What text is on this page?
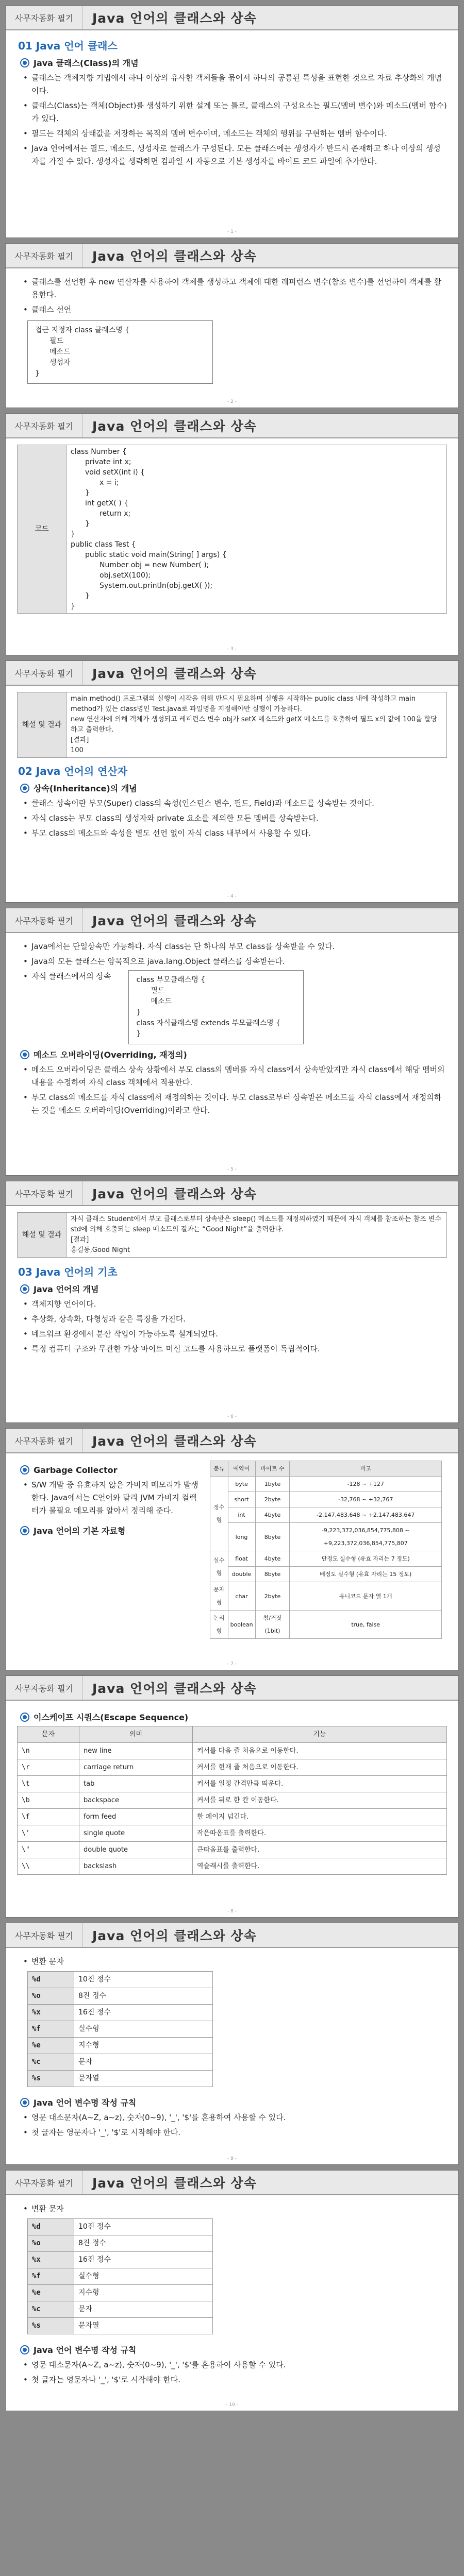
사무자동화 필기	Java 언어의 클래스와 상속
01 Java 언어 클래스
Java 클래스(Class)의 개념
• 클래스는 객체지향 기법에서 하나 이상의 유사한 객체들을 묶어서 하나의 공통된 특성을 표현한 것으로 자료 추상화의 개념이다.
• 클래스(Class)는 객체(Object)를 생성하기 위한 설계 또는 틀로, 클래스의 구성요소는 필드(멤버 변수)와 메소드(멤버 함수)가 있다.
• 필드는 객체의 상태값을 저장하는 목적의 멤버 변수이며, 메소드는 객체의 행위를 구현하는 멤버 함수이다.
• Java 언어에서는 필드, 메소드, 생성자로 클래스가 구성된다. 모든 클래스에는 생성자가 반드시 존재하고 하나 이상의 생성자를 가질 수 있다. 생성자를 생략하면 컴파일 시 자동으로 기본 생성자를 바이트 코드 파일에 추가한다.
- 1 -
사무자동화 필기	Java 언어의 클래스와 상속
• 클래스를 선언한 후 new 연산자를 사용하여 객체를 생성하고 객체에 대한 레퍼런스 변수(참조 변수)를 선언하여 객체를 활용한다.
• 클래스 선언
접근 지정자 class 클래스명 {
필드
메소드
생성자
}
- 2 -
사무자동화 필기	Java 언어의 클래스와 상속
코드	
class Number {
private int x;
void setX(int i) {
x = i;
}
int getX( ) {
return x;
}
}
public class Test {
public static void main(String[ ] args) {
Number obj = new Number( );
obj.setX(100);
System.out.println(obj.getX( ));
}
}
- 3 -
사무자동화 필기	Java 언어의 클래스와 상속
해설 및 결과	
main method() 프로그램의 실행이 시작을 위해 반드시 필요하며 실행을 시작하는 public class 내에 작성하고 main method가 있는 class명인 Test.java로 파일명을 지정해야만 실행이 가능하다.
new 연산자에 의해 객체가 생성되고 레퍼런스 변수 obj가 setX 메소드와 getX 메소드를 호출하여 필드 x의 값에 100을 할당하고 출력한다.
[결과]
100
02 Java 언어의 연산자
상속(Inheritance)의 개념
• 클래스 상속이란 부모(Super) class의 속성(인스턴스 변수, 필드, Field)과 메소드를 상속받는 것이다.
• 자식 class는 부모 class의 생성자와 private 요소를 제외한 모든 멤버를 상속받는다.
• 부모 class의 메소드와 속성을 별도 선언 없이 자식 class 내부에서 사용할 수 있다.
- 4 -
사무자동화 필기	Java 언어의 클래스와 상속
• Java에서는 단일상속만 가능하다. 자식 class는 단 하나의 부모 class를 상속받을 수 있다.
• Java의 모든 클래스는 암묵적으로 java.lang.Object 클래스를 상속받는다.
• 자식 클래스에서의 상속	class 부모클래스명 {
필드
메소드
}
class 자식클래스명 extends 부모클래스명 {
}
메소드 오버라이딩(Overriding, 재정의)
• 메소드 오버라이딩은 클래스 상속 상황에서 부모 class의 멤버를 자식 class에서 상속받았지만 자식 class에서 해당 멤버의 내용을 수정하여 자식 class 객체에서 적용한다.
• 부모 class의 메소드를 자식 class에서 재정의하는 것이다. 부모 class로부터 상속받은 메소드를 자식 class에서 재정의하는 것을 메소드 오버라이딩(Overriding)이라고 한다.
- 5 -
사무자동화 필기	Java 언어의 클래스와 상속
해설 및 결과	
자식 클래스 Student에서 부모 클래스로부터 상속받은 sleep() 메소드를 재정의하였기 때문에 자식 객체를 참조하는 참조 변수 std에 의해 호출되는 sleep 메소드의 결과는 “Good Night”을 출력한다.
[결과]
홍길동,Good Night
03 Java 언어의 기초
Java 언어의 개념
• 객체지향 언어이다.
• 추상화, 상속화, 다형성과 같은 특징을 가진다.
• 네트워크 환경에서 분산 작업이 가능하도록 설계되었다.
• 특정 컴퓨터 구조와 무관한 가상 바이트 머신 코드를 사용하므로 플랫폼이 독립적이다.
- 6 -
사무자동화 필기	Java 언어의 클래스와 상속
Garbage Collector
• S/W 개발 중 유효하지 않은 가비지 메모리가 발생한다. Java에서는 C언어와 달리 JVM 가비지 컬렉터가 불필요 메모리를 알아서 정리해 준다.
Java 언어의 기본 자료형
분류	예약어	바이트 수	비고
정수형	byte	1byte	-128 ~ +127
	short	2byte	-32,768 ~ +32,767
	int	4byte	-2,147,483,648 ~ +2,147,483,647
	long	8byte	-9,223,372,036,854,775,808 ~ +9,223,372,036,854,775,807
실수형	float	4byte	단정도 실수형 (유효 자리는 7 정도)
	double	8byte	배정도 실수형 (유효 자리는 15 정도)
문자형	char	2byte	유니코드 문자 열 1개
논리형	boolean	참/거짓 (1bit)	true, false
- 7 -
사무자동화 필기	Java 언어의 클래스와 상속
이스케이프 시퀀스(Escape Sequence)
문자	의미	기능
\n	new line	커서를 다음 줄 처음으로 이동한다.
\r	carriage return	커서를 현재 줄 처음으로 이동한다.
\t	tab	커서를 일정 간격만큼 띄운다.
\b	backspace	커서를 뒤로 한 칸 이동한다.
\f	form feed	한 페이지 넘긴다.
\'	single quote	작은따옴표를 출력한다.
\"	double quote	큰따옴표를 출력한다.
\\	backslash	역슬래시를 출력한다.
- 8 -
사무자동화 필기	Java 언어의 클래스와 상속
• 변환 문자
%d	10진 정수
%o	8진 정수
%x	16진 정수
%f	실수형
%e	지수형
%c	문자
%s	문자열
Java 언어 변수명 작성 규칙
• 영문 대소문자(A~Z, a~z), 숫자(0~9), '_', '$'를 혼용하여 사용할 수 있다.
• 첫 글자는 영문자나 '_', '$'로 시작해야 한다.
- 9 -
사무자동화 필기	Java 언어의 클래스와 상속
• 변환 문자
%d	10진 정수
%o	8진 정수
%x	16진 정수
%f	실수형
%e	지수형
%c	문자
%s	문자열
Java 언어 변수명 작성 규칙
• 영문 대소문자(A~Z, a~z), 숫자(0~9), '_', '$'를 혼용하여 사용할 수 있다.
• 첫 글자는 영문자나 '_', '$'로 시작해야 한다.
- 10 -
